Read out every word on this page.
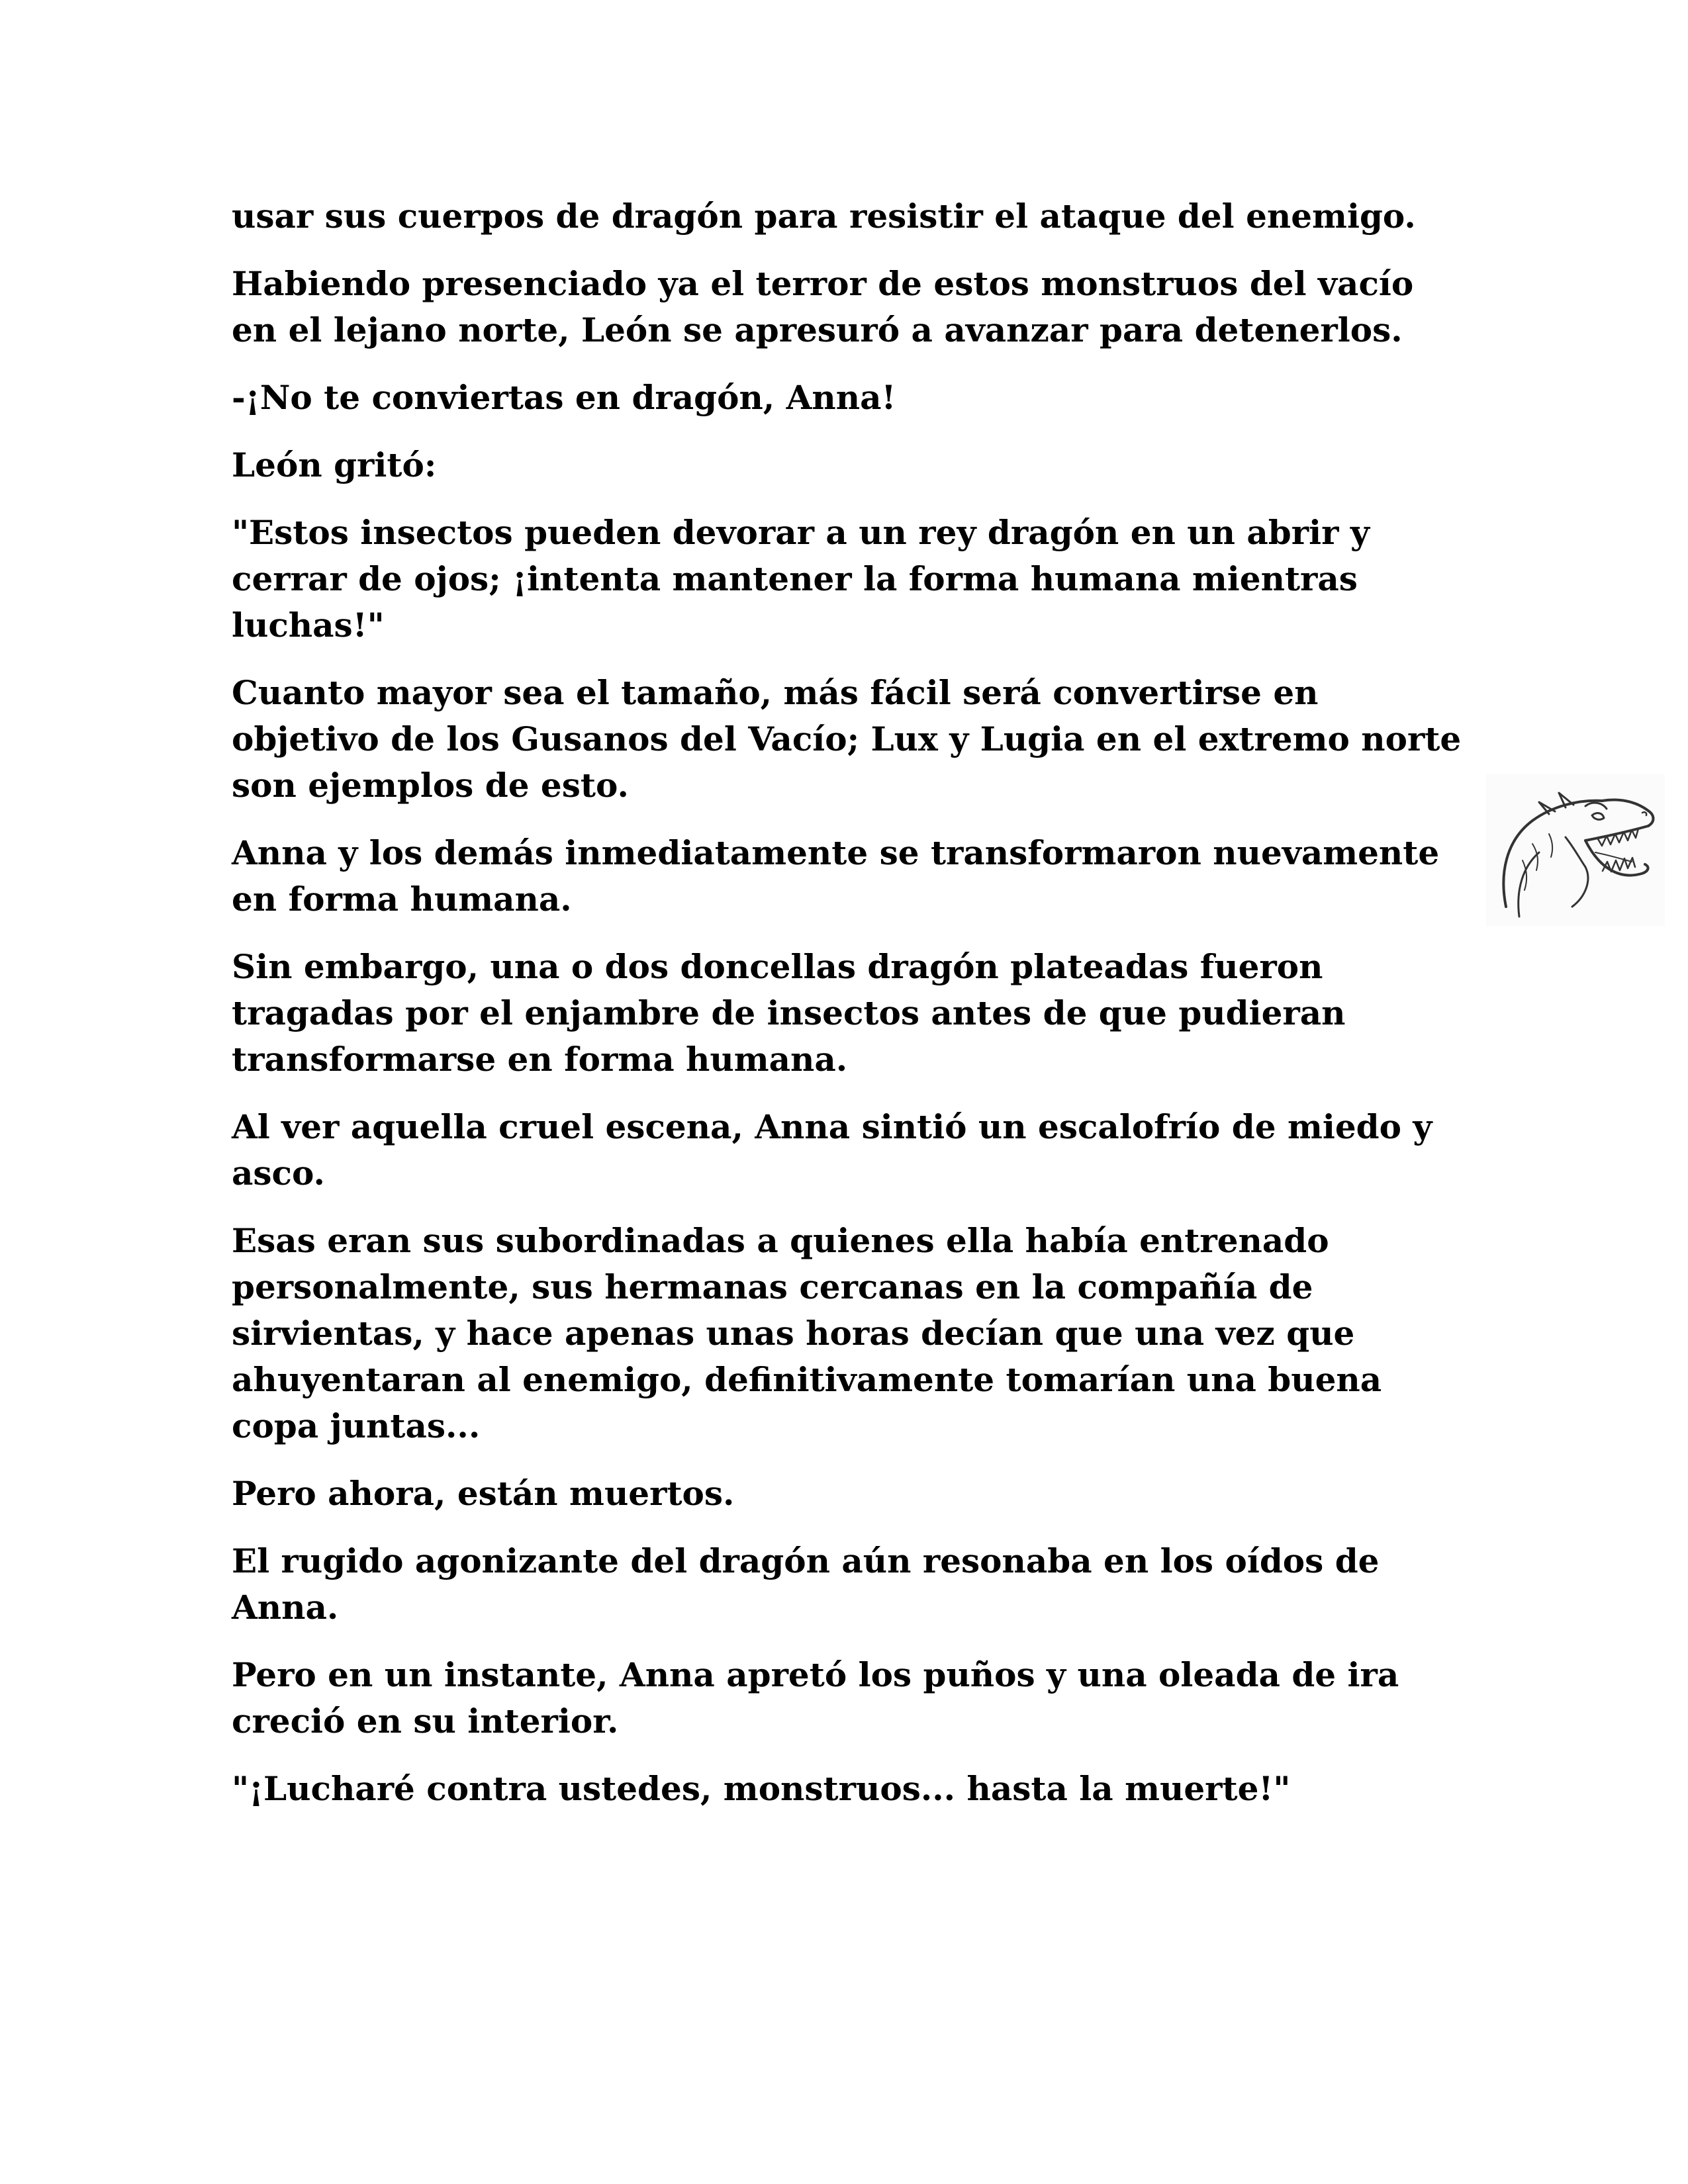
usar sus cuerpos de dragón para resistir el ataque del enemigo.

Habiendo presenciado ya el terror de estos monstruos del vacío en el lejano norte, León se apresuró a avanzar para detenerlos.

-¡No te conviertas en dragón, Anna!

León gritó:

"Estos insectos pueden devorar a un rey dragón en un abrir y cerrar de ojos; ¡intenta mantener la forma humana mientras luchas!"

Cuanto mayor sea el tamaño, más fácil será convertirse en objetivo de los Gusanos del Vacío; Lux y Lugia en el extremo norte son ejemplos de esto.

Anna y los demás inmediatamente se transformaron nuevamente en forma humana.

Sin embargo, una o dos doncellas dragón plateadas fueron tragadas por el enjambre de insectos antes de que pudieran transformarse en forma humana.

Al ver aquella cruel escena, Anna sintió un escalofrío de miedo y asco.

Esas eran sus subordinadas a quienes ella había entrenado personalmente, sus hermanas cercanas en la compañía de sirvientas, y hace apenas unas horas decían que una vez que ahuyentaran al enemigo, definitivamente tomarían una buena copa juntas...

Pero ahora, están muertos.

El rugido agonizante del dragón aún resonaba en los oídos de Anna.

Pero en un instante, Anna apretó los puños y una oleada de ira creció en su interior.

"¡Lucharé contra ustedes, monstruos... hasta la muerte!"
